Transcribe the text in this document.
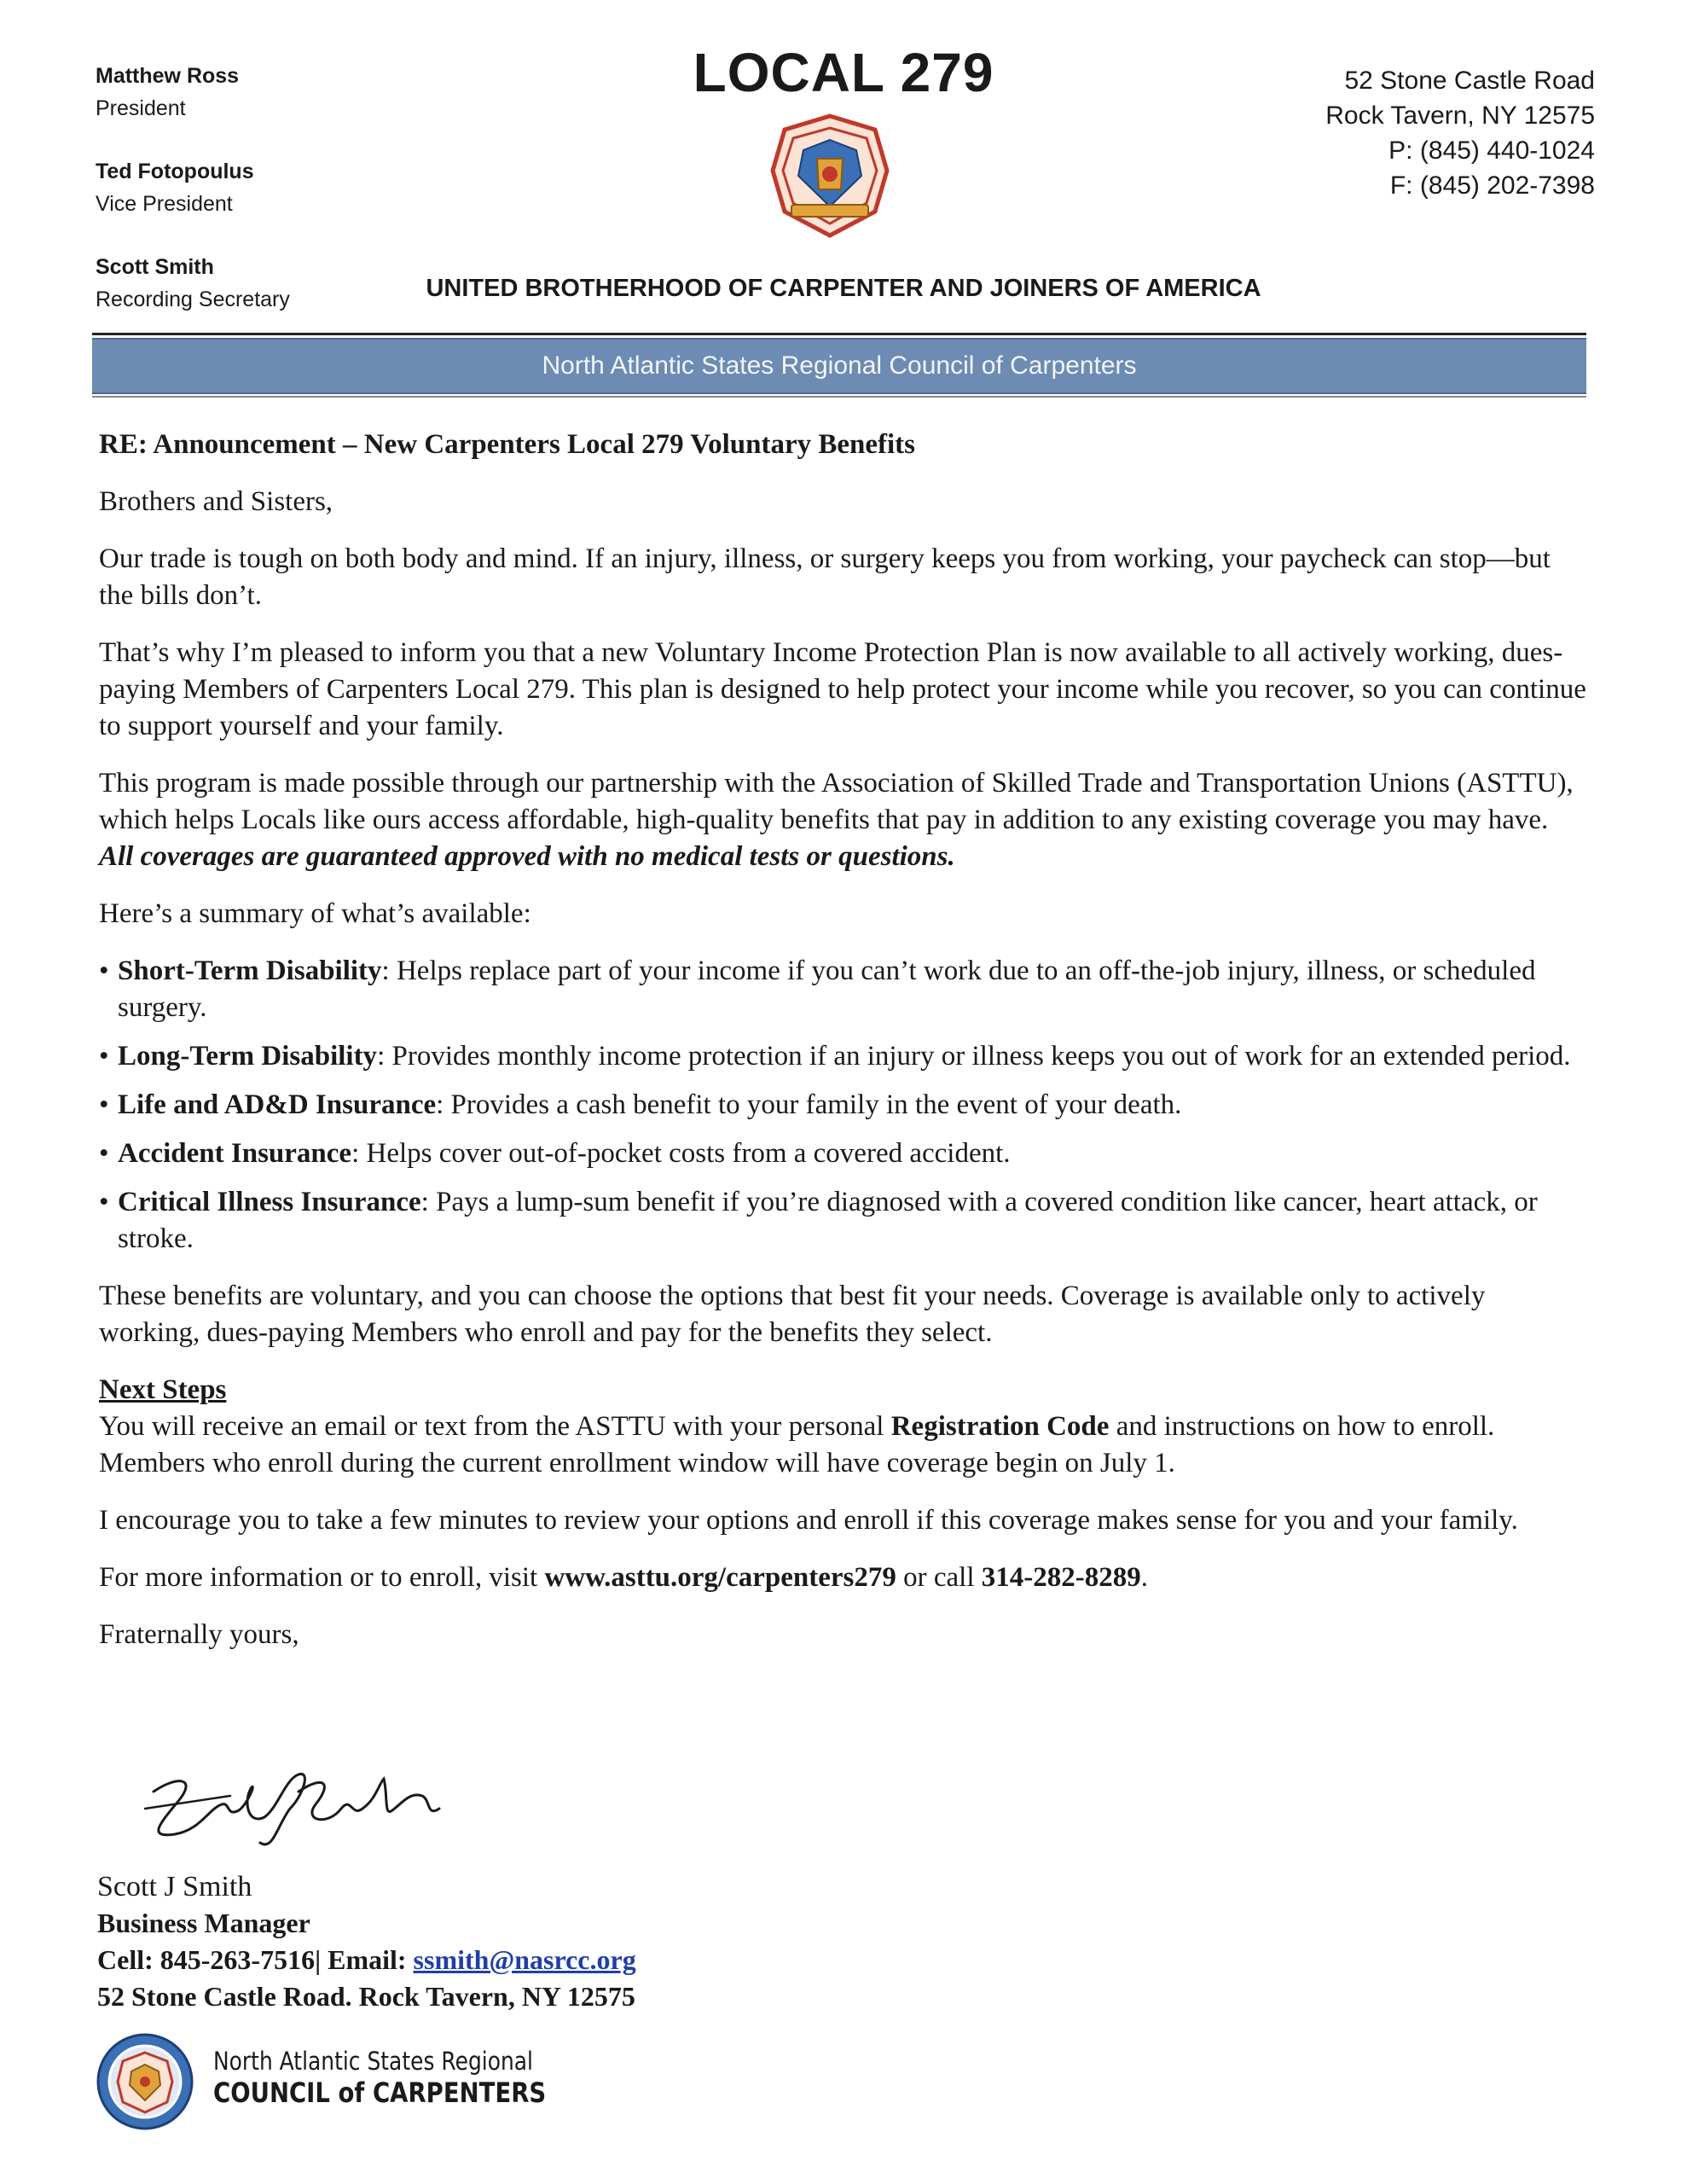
Matthew Ross
President
Ted Fotopoulus
Vice President
Scott Smith
Recording Secretary
LOCAL 279	52 Stone Castle Road
Rock Tavern, NY 12575
P: (845) 440-1024
F: (845) 202-7398
UNITED BROTHERHOOD OF CARPENTER AND JOINERS OF AMERICA
North Atlantic States Regional Council of Carpenters

RE: Announcement – New Carpenters Local 279 Voluntary Benefits

Brothers and Sisters,

Our trade is tough on both body and mind. If an injury, illness, or surgery keeps you from working, your paycheck can stop—but the bills don’t.

That’s why I’m pleased to inform you that a new Voluntary Income Protection Plan is now available to all actively working, dues-paying Members of Carpenters Local 279. This plan is designed to help protect your income while you recover, so you can continue to support yourself and your family.

This program is made possible through our partnership with the Association of Skilled Trade and Transportation Unions (ASTTU), which helps Locals like ours access affordable, high-quality benefits that pay in addition to any existing coverage you may have. All coverages are guaranteed approved with no medical tests or questions.

Here’s a summary of what’s available:

• Short-Term Disability: Helps replace part of your income if you can’t work due to an off-the-job injury, illness, or scheduled surgery.
• Long-Term Disability: Provides monthly income protection if an injury or illness keeps you out of work for an extended period.
• Life and AD&D Insurance: Provides a cash benefit to your family in the event of your death.
• Accident Insurance: Helps cover out-of-pocket costs from a covered accident.
• Critical Illness Insurance: Pays a lump-sum benefit if you’re diagnosed with a covered condition like cancer, heart attack, or stroke.

These benefits are voluntary, and you can choose the options that best fit your needs. Coverage is available only to actively working, dues-paying Members who enroll and pay for the benefits they select.

Next Steps
You will receive an email or text from the ASTTU with your personal Registration Code and instructions on how to enroll. Members who enroll during the current enrollment window will have coverage begin on July 1.

I encourage you to take a few minutes to review your options and enroll if this coverage makes sense for you and your family.

For more information or to enroll, visit www.asttu.org/carpenters279 or call 314-282-8289.

Fraternally yours,

Scott J Smith
Business Manager
Cell: 845-263-7516| Email: ssmith@nasrcc.org
52 Stone Castle Road. Rock Tavern, NY 12575
North Atlantic States Regional
COUNCIL of CARPENTERS
